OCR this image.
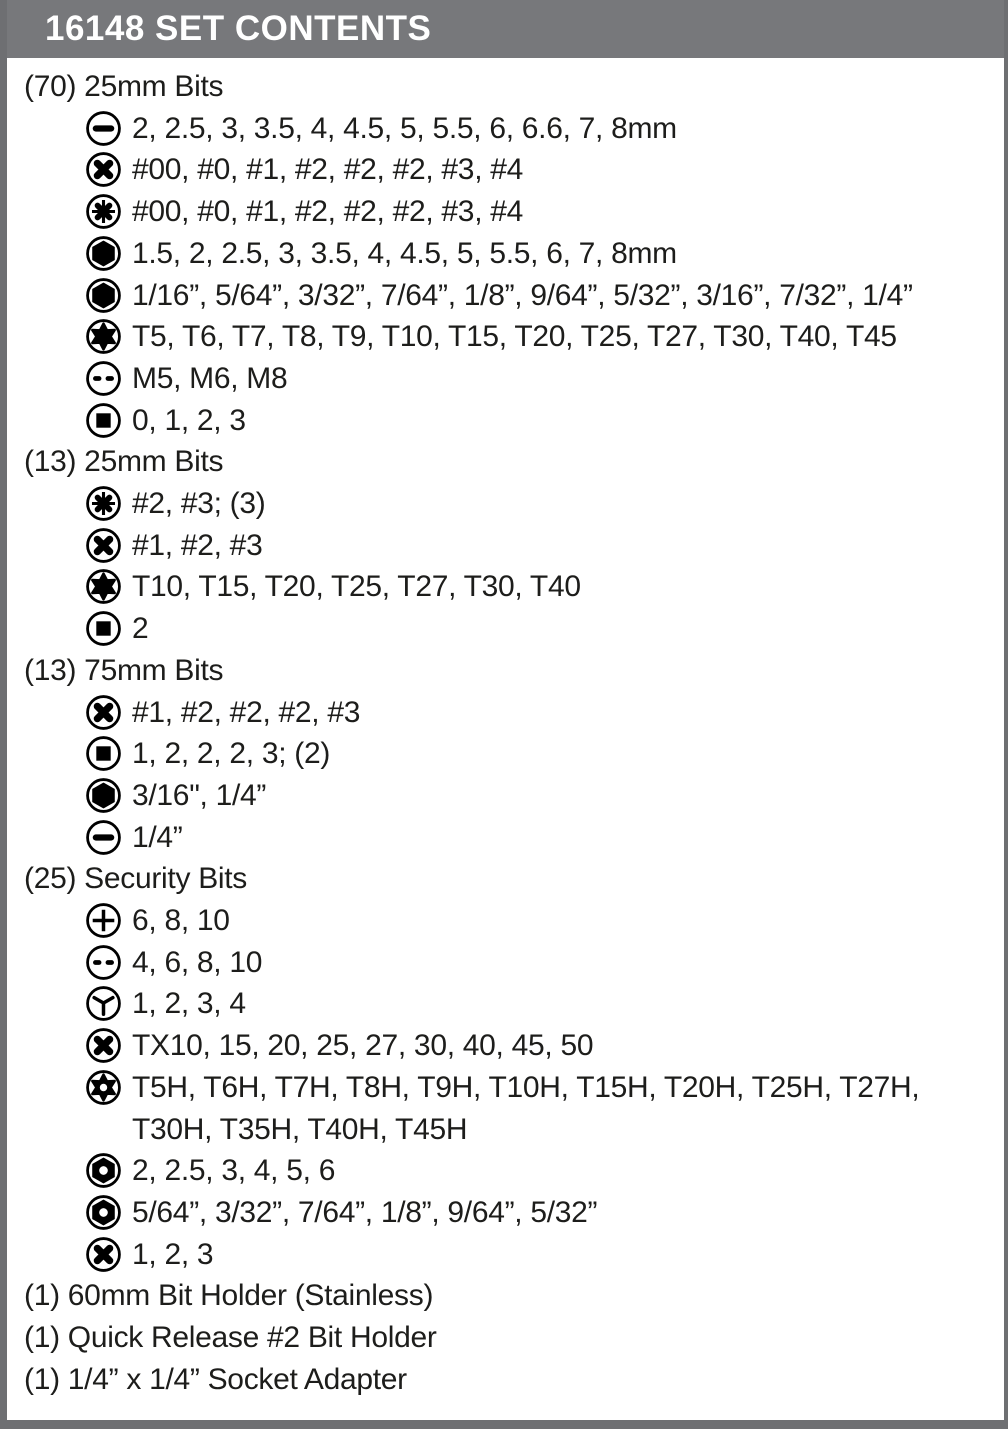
16148 SET CONTENTS
(70) 25mm Bits
2, 2.5, 3, 3.5, 4, 4.5, 5, 5.5, 6, 6.6, 7, 8mm
#00, #0, #1, #2, #2, #2, #3, #4
#00, #0, #1, #2, #2, #2, #3, #4
1.5, 2, 2.5, 3, 3.5, 4, 4.5, 5, 5.5, 6, 7, 8mm
1/16”, 5/64”, 3/32”, 7/64”, 1/8”, 9/64”, 5/32”, 3/16”, 7/32”, 1/4”
T5, T6, T7, T8, T9, T10, T15, T20, T25, T27, T30, T40, T45
M5, M6, M8
0, 1, 2, 3
(13) 25mm Bits
#2, #3; (3)
#1, #2, #3
T10, T15, T20, T25, T27, T30, T40
2
(13) 75mm Bits
#1, #2, #2, #2, #3
1, 2, 2, 2, 3; (2)
3/16", 1/4”
1/4”
(25) Security Bits
6, 8, 10
4, 6, 8, 10
1, 2, 3, 4
TX10, 15, 20, 25, 27, 30, 40, 45, 50
T5H, T6H, T7H, T8H, T9H, T10H, T15H, T20H, T25H, T27H, T30H, T35H, T40H, T45H
2, 2.5, 3, 4, 5, 6
5/64”, 3/32”, 7/64”, 1/8”, 9/64”, 5/32”
1, 2, 3
(1) 60mm Bit Holder (Stainless)
(1) Quick Release #2 Bit Holder
(1) 1/4” x 1/4” Socket Adapter
